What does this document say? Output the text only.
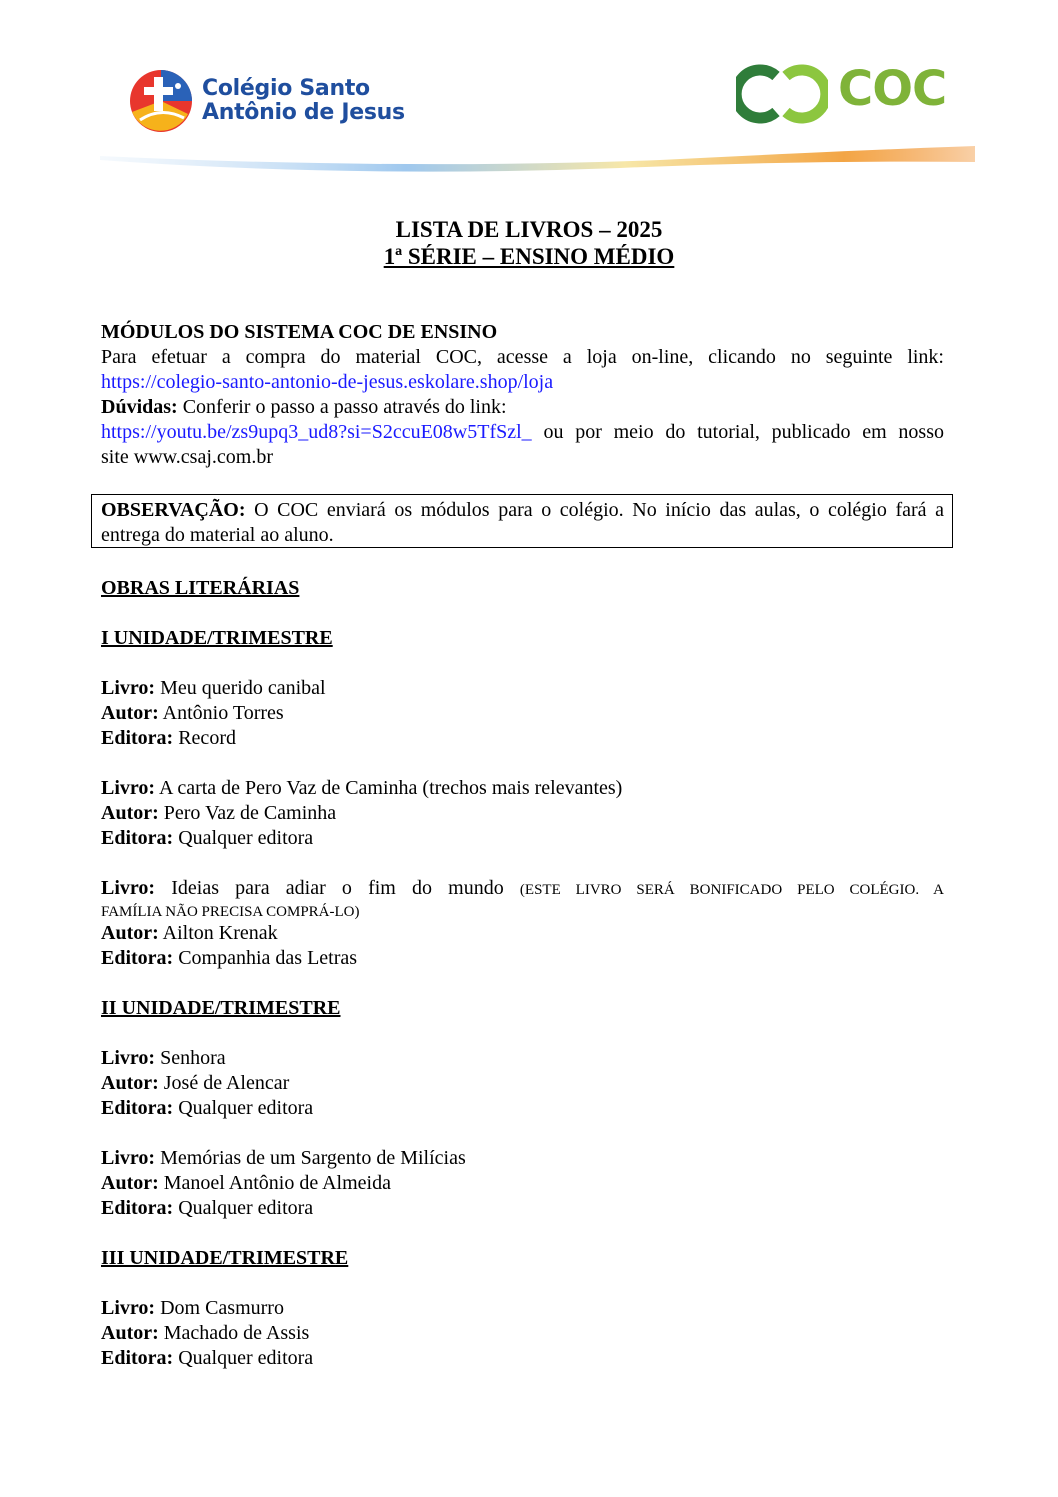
Colégio Santo
Antônio de Jesus	COC
LISTA DE LIVROS – 2025
1ª SÉRIE – ENSINO MÉDIO

MÓDULOS DO SISTEMA COC DE ENSINO

Para efetuar a compra do material COC, acesse a loja on-line, clicando no seguinte link:

https://colegio-santo-antonio-de-jesus.eskolare.shop/loja

Dúvidas: Conferir o passo a passo através do link:

https://youtu.be/zs9upq3_ud8?si=S2ccuE08w5TfSzl_ ou por meio do tutorial, publicado em nosso

site www.csaj.com.br

OBSERVAÇÃO: O COC enviará os módulos para o colégio. No início das aulas, o colégio fará a

entrega do material ao aluno.

OBRAS LITERÁRIAS

I UNIDADE/TRIMESTRE

Livro: Meu querido canibal

Autor: Antônio Torres

Editora: Record

Livro: A carta de Pero Vaz de Caminha (trechos mais relevantes)

Autor: Pero Vaz de Caminha

Editora: Qualquer editora

Livro: Ideias para adiar o fim do mundo (ESTE LIVRO SERÁ BONIFICADO PELO COLÉGIO. A

FAMÍLIA NÃO PRECISA COMPRÁ-LO)

Autor: Ailton Krenak

Editora: Companhia das Letras

II UNIDADE/TRIMESTRE

Livro: Senhora

Autor: José de Alencar

Editora: Qualquer editora

Livro: Memórias de um Sargento de Milícias

Autor: Manoel Antônio de Almeida

Editora: Qualquer editora

III UNIDADE/TRIMESTRE

Livro: Dom Casmurro

Autor: Machado de Assis

Editora: Qualquer editora
